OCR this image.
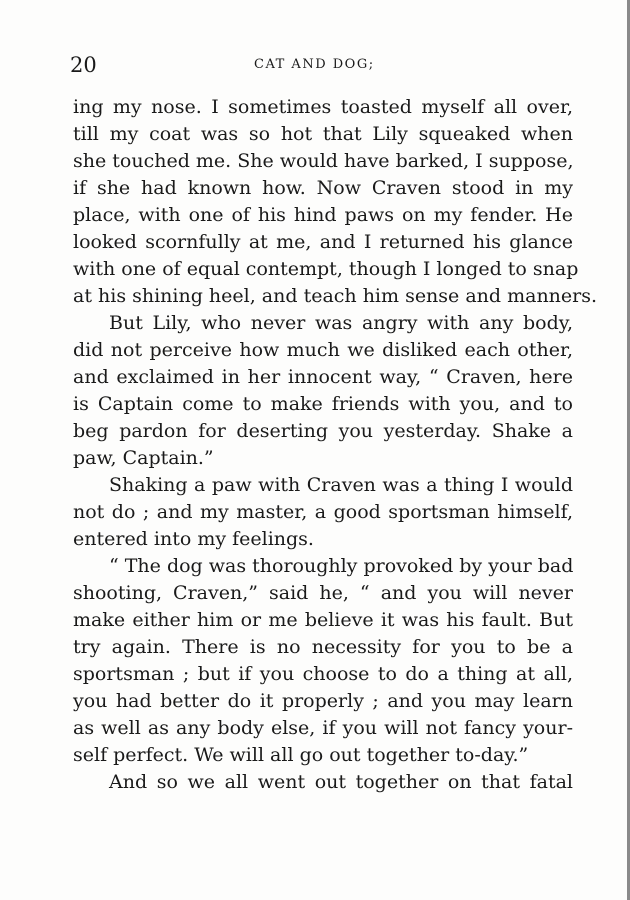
20	CAT AND DOG;
ing my nose. I sometimes toasted myself all over,
till my coat was so hot that Lily squeaked when
she touched me. She would have barked, I suppose,
if she had known how. Now Craven stood in my
place, with one of his hind paws on my fender. He
looked scornfully at me, and I returned his glance
with one of equal contempt, though I longed to snap
at his shining heel, and teach him sense and manners.
But Lily, who never was angry with any body,
did not perceive how much we disliked each other,
and exclaimed in her innocent way, “ Craven, here
is Captain come to make friends with you, and to
beg pardon for deserting you yesterday. Shake a
paw, Captain.”
Shaking a paw with Craven was a thing I would
not do ; and my master, a good sportsman himself,
entered into my feelings.
“ The dog was thoroughly provoked by your bad
shooting, Craven,” said he, “ and you will never
make either him or me believe it was his fault. But
try again. There is no necessity for you to be a
sportsman ; but if you choose to do a thing at all,
you had better do it properly ; and you may learn
as well as any body else, if you will not fancy your-
self perfect. We will all go out together to-day.”
And so we all went out together on that fatal
